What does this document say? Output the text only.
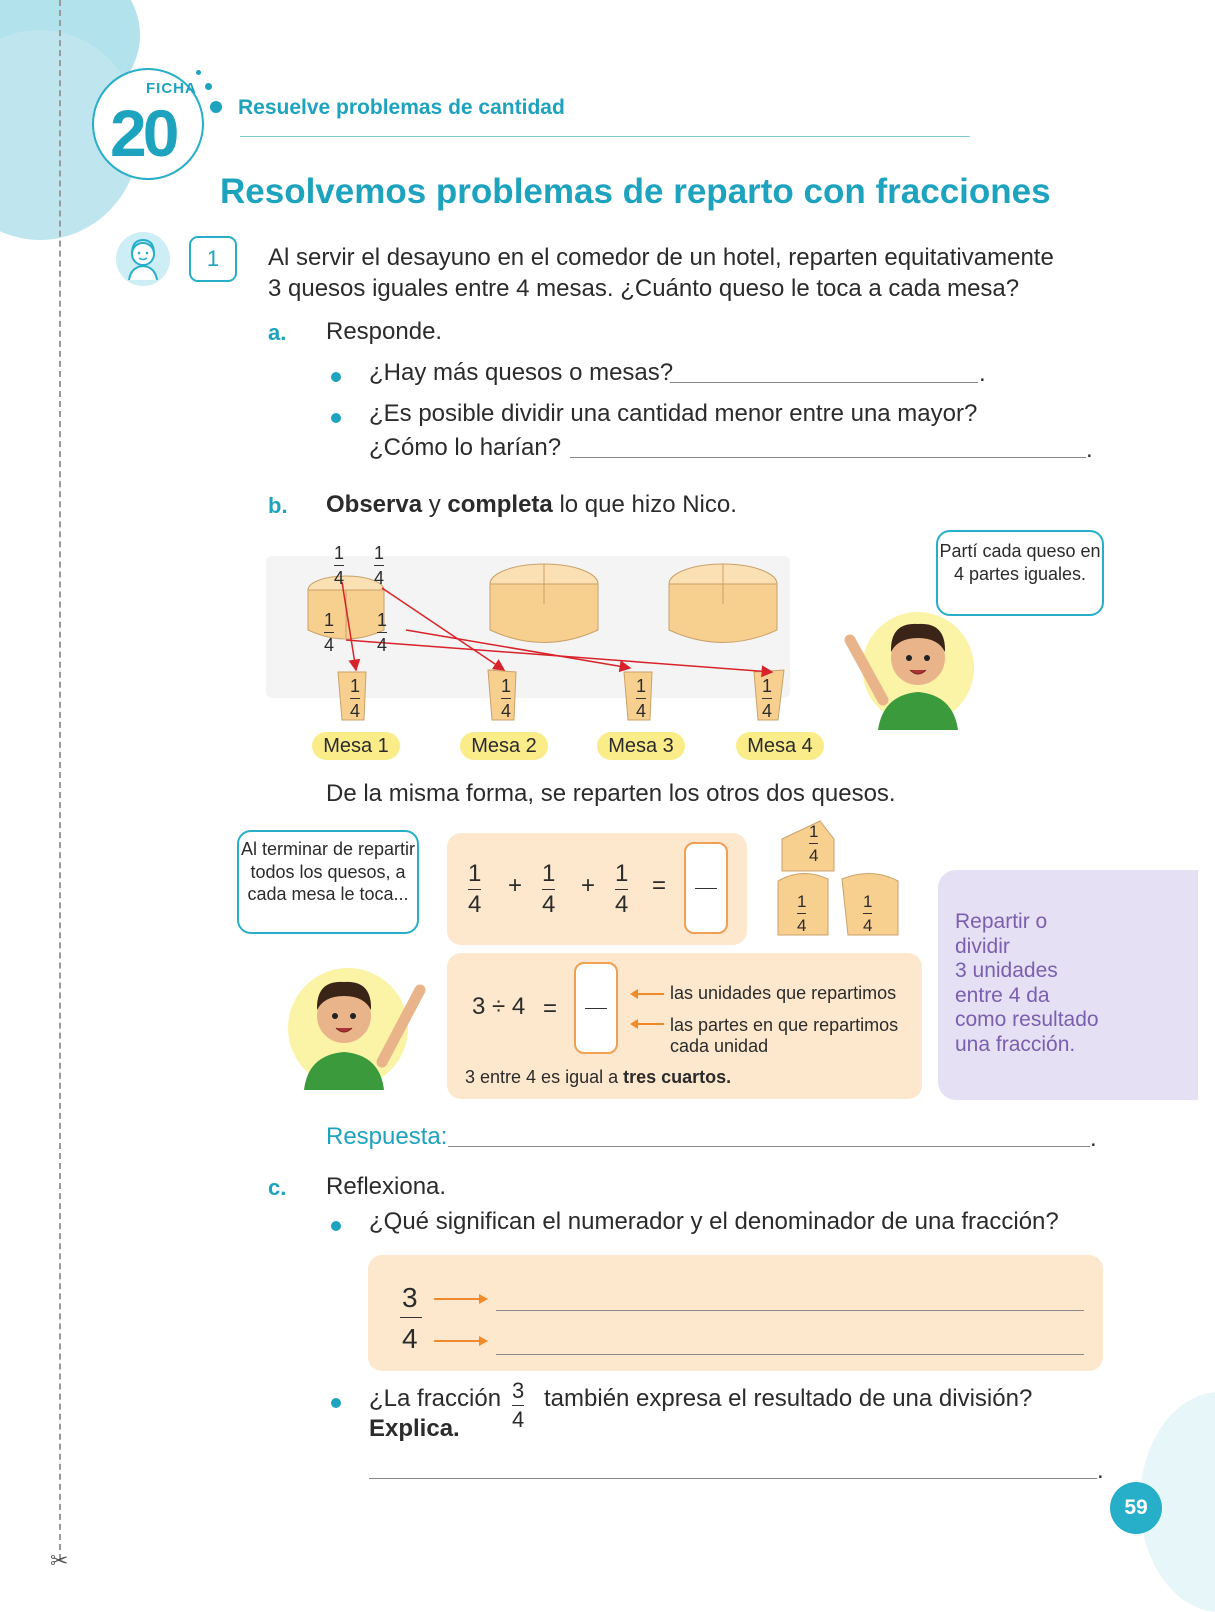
✂
FICHA
20	Resuelve problemas de cantidad
Resolvemos problemas de reparto con fracciones
1	Al servir el desayuno en el comedor de un hotel, reparten equitativamente
3 quesos iguales entre 4 mesas. ¿Cuánto queso le toca a cada mesa?
a. Responde.
¿Hay más quesos o mesas?	.
¿Es posible dividir una cantidad menor entre una mayor?
¿Cómo lo harían?	.
b. Observa y completa lo que hizo Nico.
1
4
1
4
1
4
1
4
1
4
1
4
1
4
1
4
Mesa 1	Mesa 2	Mesa 3	Mesa 4
Partí cada queso en 4 partes iguales.
De la misma forma, se reparten los otros dos quesos.
Al terminar de repartir todos los quesos, a cada mesa le toca...
1
4
+ 1
4
+ 1
4
=
1
4
1
4
1
4
3 ÷ 4 =
las unidades que repartimos
las partes en que repartimos
cada unidad
3 entre 4 es igual a tres cuartos.
Repartir o
dividir
3 unidades
entre 4 da
como resultado
una fracción.
Respuesta:	.
c. Reflexiona.
¿Qué significan el numerador y el denominador de una fracción?
3
4
¿La fracción 3
4
también expresa el resultado de una división?
Explica.
.
59
